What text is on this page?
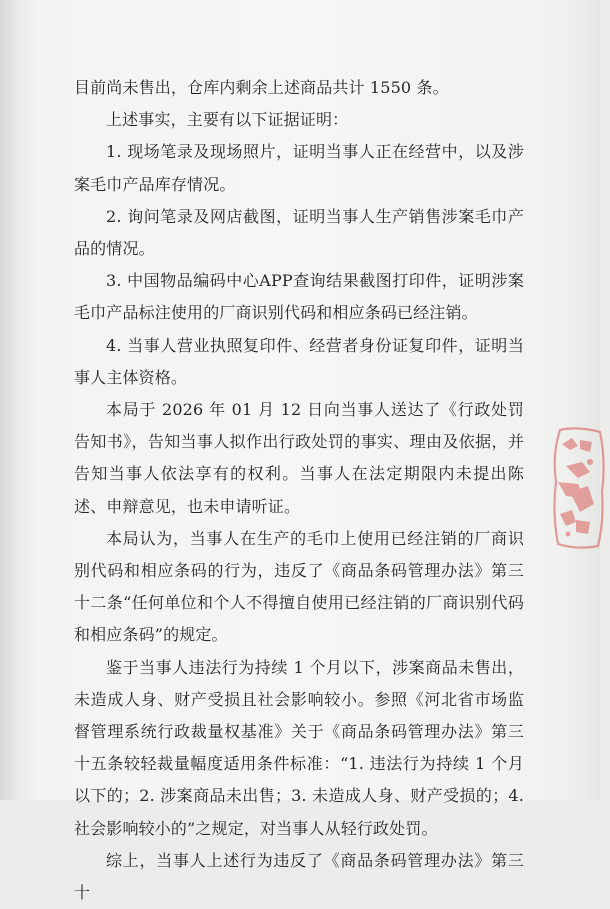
目前尚未售出，仓库内剩余上述商品共计 1550 条。

上述事实，主要有以下证据证明：

1. 现场笔录及现场照片，证明当事人正在经营中，以及涉案毛巾产品库存情况。

2. 询问笔录及网店截图，证明当事人生产销售涉案毛巾产品的情况。

3. 中国物品编码中心APP查询结果截图打印件，证明涉案毛巾产品标注使用的厂商识别代码和相应条码已经注销。

4. 当事人营业执照复印件、经营者身份证复印件，证明当事人主体资格。

本局于 2026 年 01 月 12 日向当事人送达了《行政处罚告知书》，告知当事人拟作出行政处罚的事实、理由及依据，并告知当事人依法享有的权利。当事人在法定期限内未提出陈述、申辩意见，也未申请听证。

本局认为，当事人在生产的毛巾上使用已经注销的厂商识别代码和相应条码的行为，违反了《商品条码管理办法》第三十二条“任何单位和个人不得擅自使用已经注销的厂商识别代码和相应条码”的规定。

鉴于当事人违法行为持续 1 个月以下，涉案商品未售出，未造成人身、财产受损且社会影响较小。参照《河北省市场监督管理系统行政裁量权基准》关于《商品条码管理办法》第三十五条较轻裁量幅度适用条件标准：“1. 违法行为持续 1 个月以下的；2. 涉案商品未出售；3. 未造成人身、财产受损的；4. 社会影响较小的”之规定，对当事人从轻行政处罚。

综上，当事人上述行为违反了《商品条码管理办法》第三十
